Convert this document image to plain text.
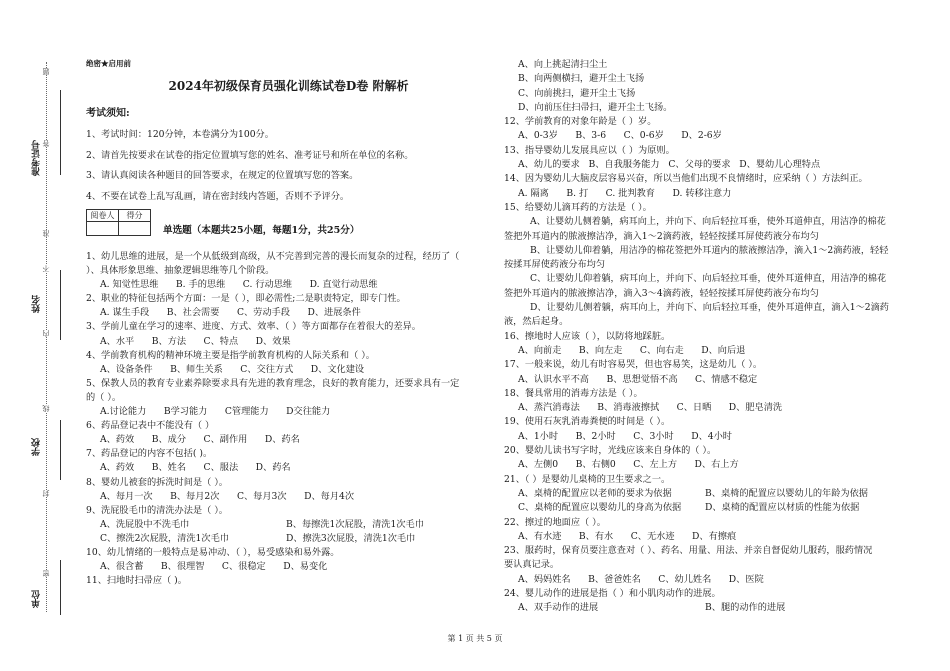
题
答
准
不
内
线
封
密
准考证号
姓名
学校
单位
绝密★启用前
2024年初级保育员强化训练试卷D卷 附解析
考试须知:

1、考试时间：120分钟，本卷满分为100分。

2、请首先按要求在试卷的指定位置填写您的姓名、准考证号和所在单位的名称。

3、请认真阅读各种题目的回答要求，在规定的位置填写您的答案。

4、不要在试卷上乱写乱画，请在密封线内答题，否则不予评分。

阅卷人	得分

单选题（本题共25小题，每题1分，共25分）
1、幼儿思维的进展，是一个从低级到高级，从不完善到完善的漫长而复杂的过程，经历了（
）、具体形象思维、抽象逻辑思维等几个阶段。
A. 知觉性思维      B. 手的思维      C. 行动思维      D. 直觉行动思维
2、职业的特征包括两个方面：一是（ ），即必需性;二是职责特定，即专门性。
A. 谋生手段      B、社会需要      C、劳动手段      D、进展条件
3、学前儿童在学习的速率、进度、方式、效率、（ ）等方面都存在着很大的差异。
A、水平      B、方法      C、特点      D、效果
4、学前教育机构的精神环境主要是指学前教育机构的人际关系和（ ）。
A、设备条件      B、师生关系      C、交往方式      D、文化建设
5、保教人员的教育专业素养除要求具有先进的教育理念，良好的教育能力，还要求具有一定
的（ ）。
A.讨论能力      B学习能力      C管理能力      D交往能力
6、药品登记表中不能没有（ ）
A、药效      B、成分      C、副作用      D、药名
7、药品登记的内容不包括( )。
A、药效      B、姓名      C、服法      D、药名
8、婴幼儿被套的拆洗时间是（ ）。
A、每月一次      B、每月2次      C、每月3次      D、每月4次
9、洗屁股毛巾的清洗办法是（ ）。
A、洗屁股中不洗毛巾	B、每擦洗1次屁股，清洗1次毛巾
C、擦洗2次屁股，清洗1次毛巾	D、擦洗3次屁股，清洗1次毛巾
10、幼儿情绪的一般特点是易冲动、（ ），易受感染和易外露。
A、很含蓄      B、很理智      C、很稳定      D、易变化
11、扫地时扫帚应（ )。
A、向上挑起清扫尘土
B、向两侧横扫，避开尘土飞扬
C、向前挑扫，避开尘土飞扬
D、向前压住扫帚扫，避开尘土飞扬。
12、学前教育的对象年龄是（ ）岁。
A、0-3岁      B、3-6      C、0-6岁      D、2-6岁
13、指导婴幼儿发展具应以（ ）为原则。
A、幼儿的要求   B、自我服务能力   C、父母的要求   D、婴幼儿心理特点
14、因为婴幼儿大脑皮层容易兴奋，所以当他们出现不良情绪时，应采纳（ ）方法纠正。
A. 隔离      B. 打      C. 批判教育      D. 转移注意力
15、给婴幼儿滴耳药的方法是（ ）。
A、让婴幼儿侧着躺，病耳向上，并向下、向后轻拉耳垂，使外耳道伸直，用洁净的棉花
签把外耳道内的脓液擦洁净，滴入1～2滴药液，轻轻按揉耳屏使药液分布均匀
B、让婴幼儿仰着躺，用洁净的棉花签把外耳道内的脓液擦洁净，滴入1～2滴药液，轻轻
按揉耳屏使药液分布均匀
C、让婴幼儿仰着躺，病耳向上，并向下、向后轻拉耳垂，使外耳道伸直，用洁净的棉花
签把外耳道内的脓液擦洁净，滴入3～4滴药液，轻轻按揉耳屏使药液分布均匀
D、让婴幼儿侧着躺，病耳向上，并向下、向后轻拉耳垂，使外耳道伸直，滴入1～2滴药
液，然后起身。
16、擦地时人应该（ ），以防将地踩脏。
A、向前走      B、向左走      C、向右走      D、向后退
17、一般来说，幼儿有时容易哭，但也容易笑，这是幼儿（ ）。
A、认识水平不高      B、思想觉悟不高      C、情感不稳定
18、餐具常用的消毒方法是（ ）。
A、蒸汽消毒法      B、消毒液擦拭      C、日晒      D、肥皂清洗
19、使用石灰乳消毒粪便的时间是（ ）。
A、1小时      B、2小时      C、3小时      D、4小时
20、婴幼儿读书写字时，光线应该来自身体的（ ）。
A、左侧0      B、右侧0      C、左上方      D、右上方
21、（ ）是婴幼儿桌椅的卫生要求之一。
A、桌椅的配置应以老师的要求为依据	B、桌椅的配置应以婴幼儿的年龄为依据
C、桌椅的配置应以婴幼儿的身高为依据	D、桌椅的配置应以材质的性能为依据
22、擦过的地面应（ ）。
A、有水迹      B、有水      C、无水迹      D、有擦痕
23、服药时，保育员要注意查对（ ）、药名、用量、用法、并亲自督促幼儿服药，服药情况
要认真记录。
A、妈妈姓名      B、爸爸姓名      C、幼儿姓名      D、医院
24、婴儿动作的进展是指（ ）和小肌肉动作的进展。
A、双手动作的进展	B、腿的动作的进展
第 1 页 共 5 页
